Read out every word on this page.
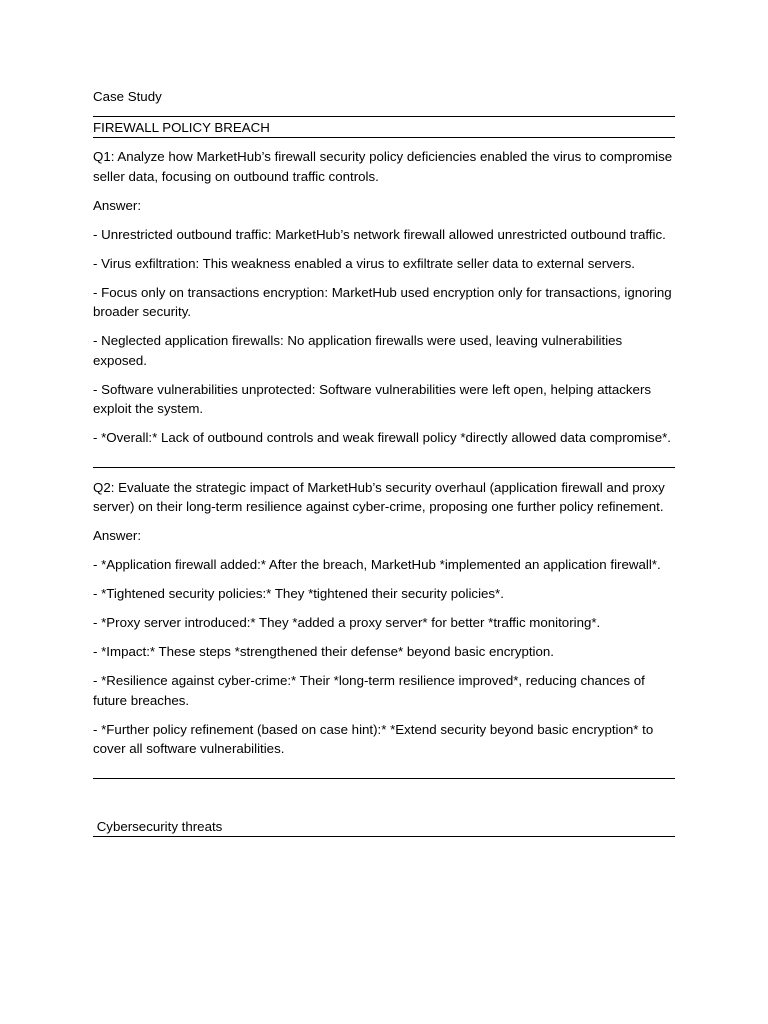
Case Study

FIREWALL POLICY BREACH

Q1: Analyze how MarketHub’s firewall security policy deficiencies enabled the virus to compromise seller data, focusing on outbound traffic controls.

Answer:

- Unrestricted outbound traffic: MarketHub’s network firewall allowed unrestricted outbound traffic.

- Virus exfiltration: This weakness enabled a virus to exfiltrate seller data to external servers.

- Focus only on transactions encryption: MarketHub used encryption only for transactions, ignoring broader security.

- Neglected application firewalls: No application firewalls were used, leaving vulnerabilities exposed.

- Software vulnerabilities unprotected: Software vulnerabilities were left open, helping attackers exploit the system.

- *Overall:* Lack of outbound controls and weak firewall policy *directly allowed data compromise*.

Q2: Evaluate the strategic impact of MarketHub’s security overhaul (application firewall and proxy server) on their long-term resilience against cyber-crime, proposing one further policy refinement.

Answer:

- *Application firewall added:* After the breach, MarketHub *implemented an application firewall*.

- *Tightened security policies:* They *tightened their security policies*.

- *Proxy server introduced:* They *added a proxy server* for better *traffic monitoring*.

- *Impact:* These steps *strengthened their defense* beyond basic encryption.

- *Resilience against cyber-crime:* Their *long-term resilience improved*, reducing chances of future breaches.

- *Further policy refinement (based on case hint):* *Extend security beyond basic encryption* to cover all software vulnerabilities.

Cybersecurity threats
